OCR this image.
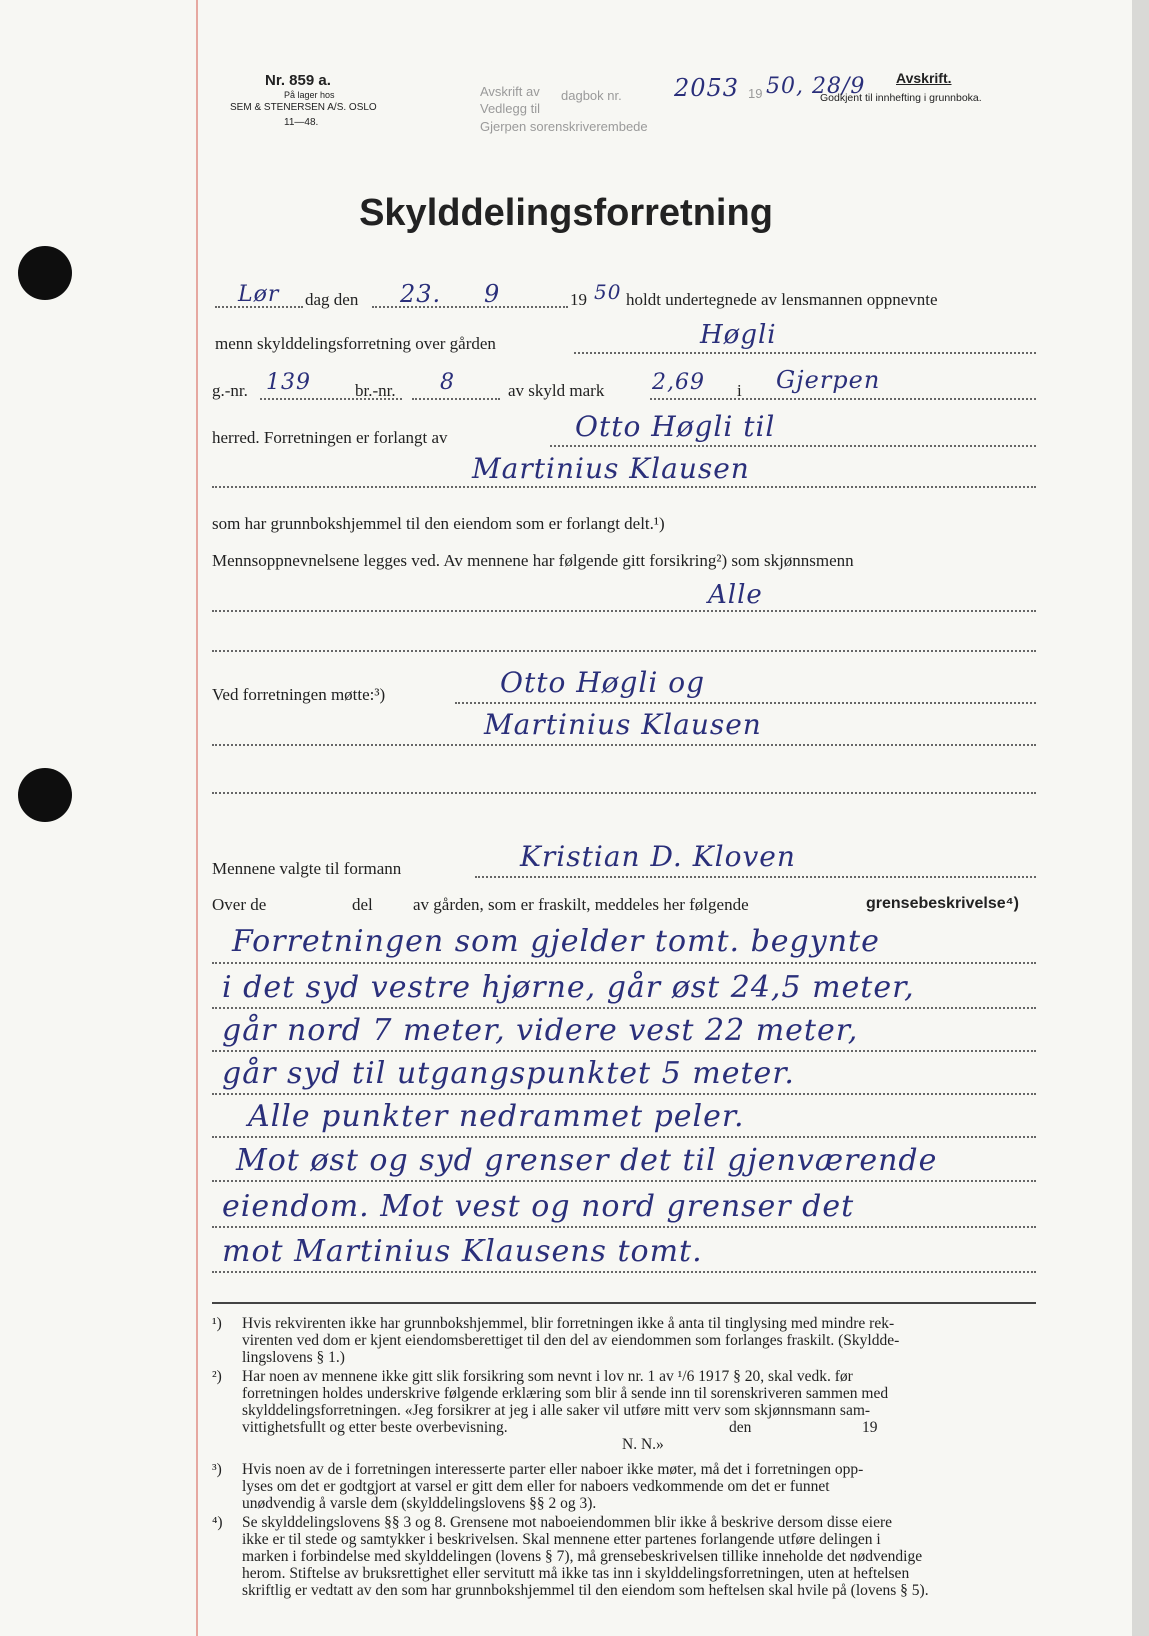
Nr. 859 a.
På lager hos
SEM & STENERSEN A/S. OSLO
11—48.
Avskrift av
Vedlegg til
Gjerpen sorenskriverembede
dagbok nr. 2053 19 50, 28/9 Avskrift.
Godkjent til innhefting i grunnboka.
Skylddelingsforretning
Lør dag den 23. 9	19 50 holdt undertegnede av lensmannen oppnevnte
menn skylddelingsforretning over gården	Høgli
g.-nr. 139	br.-nr. 8	av skyld mark 2,69 i Gjerpen
herred. Forretningen er forlangt av	Otto Høgli til
Martinius Klausen
som har grunnbokshjemmel til den eiendom som er forlangt delt.¹)
Mennsoppnevnelsene legges ved. Av mennene har følgende gitt forsikring²) som skjønnsmenn
Alle
Ved forretningen møtte:³)	Otto Høgli og
Martinius Klausen
Mennene valgte til formann	Kristian D. Kloven
Over de	del av gården, som er fraskilt, meddeles her følgende	grensebeskrivelse⁴)
Forretningen som gjelder tomt. begynte
i det syd vestre hjørne, går øst 24,5 meter,
går nord 7 meter, videre vest 22 meter,
går syd til utgangspunktet 5 meter.
Alle punkter nedrammet peler.
Mot øst og syd grenser det til gjenværende
eiendom. Mot vest og nord grenser det
mot Martinius Klausens tomt.
¹) Hvis rekvirenten ikke har grunnbokshjemmel, blir forretningen ikke å anta til tinglysing med mindre rek-
virenten ved dom er kjent eiendomsberettiget til den del av eiendommen som forlanges fraskilt. (Skyldde-
lingslovens § 1.)
²) Har noen av mennene ikke gitt slik forsikring som nevnt i lov nr. 1 av ¹/6 1917 § 20, skal vedk. før
forretningen holdes underskrive følgende erklæring som blir å sende inn til sorenskriveren sammen med
skylddelingsforretningen. «Jeg forsikrer at jeg i alle saker vil utføre mitt verv som skjønnsmann sam-
vittighetsfullt og etter beste overbevisning.	den	19
N. N.»
³) Hvis noen av de i forretningen interesserte parter eller naboer ikke møter, må det i forretningen opp-
lyses om det er godtgjort at varsel er gitt dem eller for naboers vedkommende om det er funnet
unødvendig å varsle dem (skylddelingslovens §§ 2 og 3).
⁴) Se skylddelingslovens §§ 3 og 8. Grensene mot naboeiendommen blir ikke å beskrive dersom disse eiere
ikke er til stede og samtykker i beskrivelsen. Skal mennene etter partenes forlangende utføre delingen i
marken i forbindelse med skylddelingen (lovens § 7), må grensebeskrivelsen tillike inneholde det nødvendige
herom. Stiftelse av bruksrettighet eller servitutt må ikke tas inn i skylddelingsforretningen, uten at heftelsen
skriftlig er vedtatt av den som har grunnbokshjemmel til den eiendom som heftelsen skal hvile på (lovens § 5).
